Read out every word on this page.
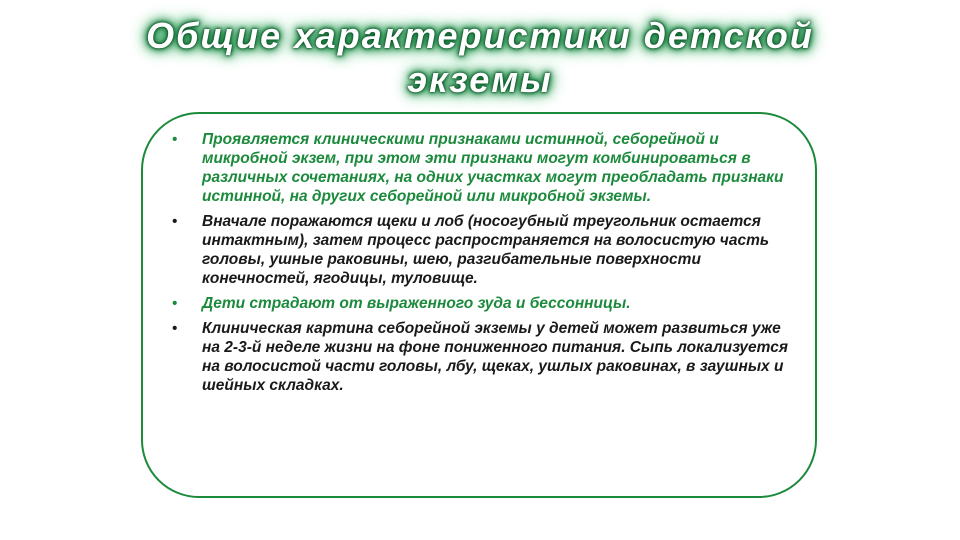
Общие характеристики детской экземы
• Проявляется клиническими признаками истинной, себорейной и микробной экзем, при этом эти признаки могут комбинироваться в различных сочетаниях, на одних участках могут преобладать признаки истинной, на других себорейной или микробной экземы.
• Вначале поражаются щеки и лоб (носогубный треугольник остается интактным), затем процесс распространяется на волосистую часть головы, ушные раковины, шею, разгибательные поверхности конечностей, ягодицы, туловище.
• Дети страдают от выраженного зуда и бессонницы.
• Клиническая картина себорейной экземы у детей может развиться уже на 2-3-й неделе жизни на фоне пониженного питания. Сыпь локализуется на волосистой части головы, лбу, щеках, ушлых раковинах, в заушных и шейных складках.
